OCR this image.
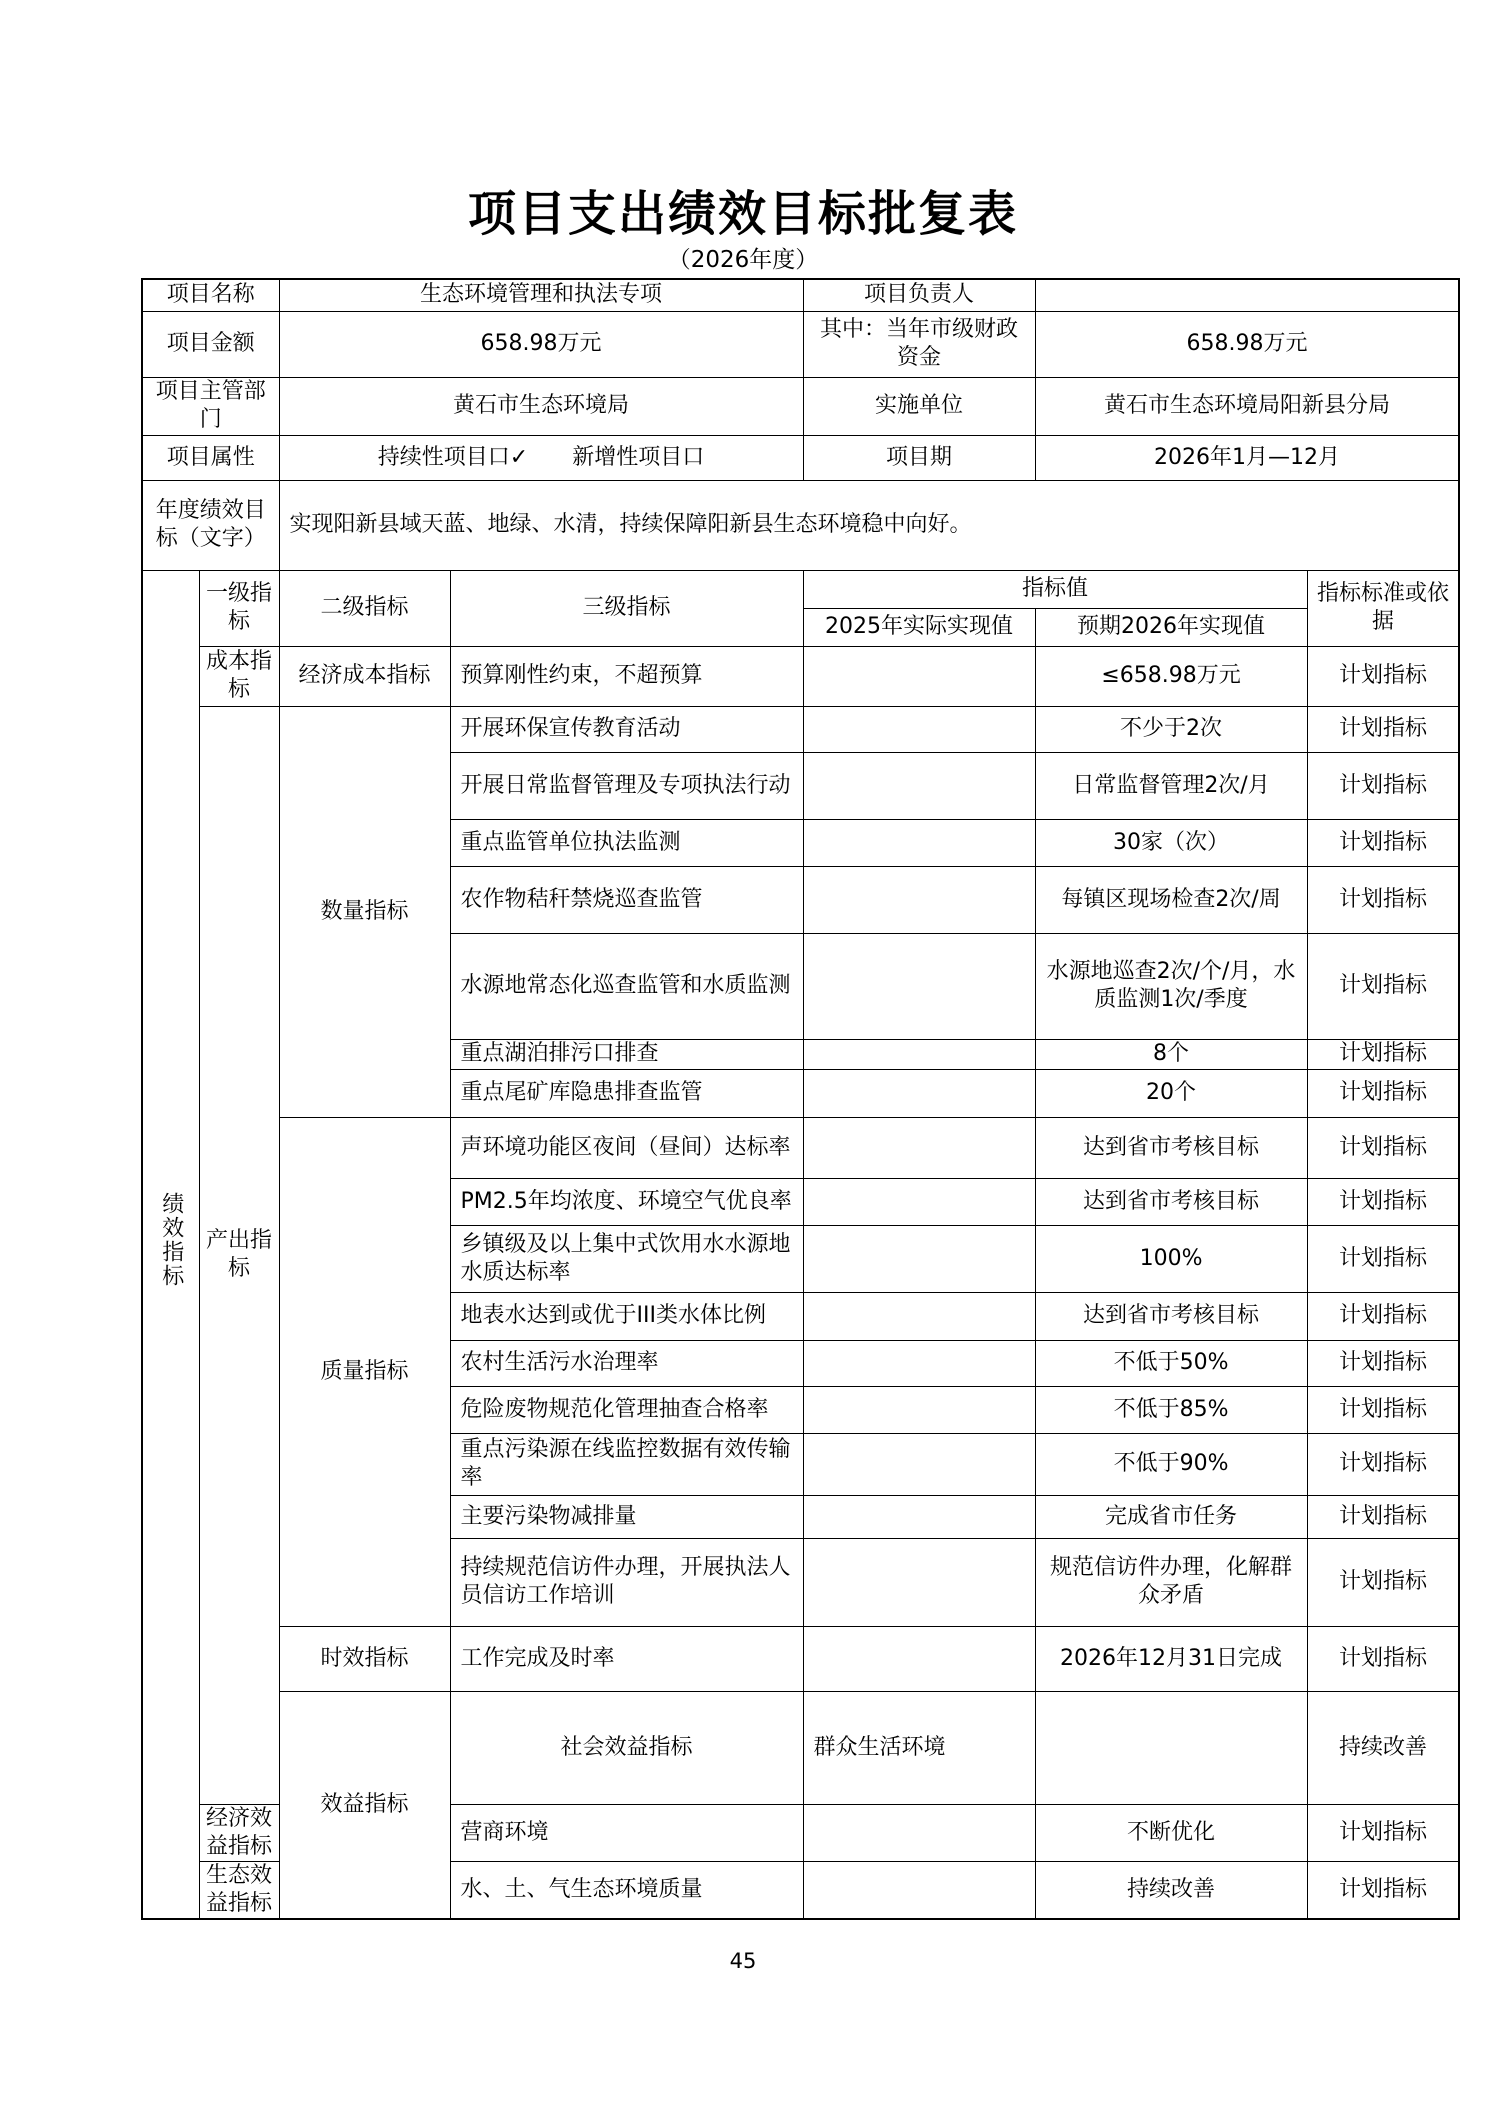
项目支出绩效目标批复表
（2026年度）
项目名称		生态环境管理和执法专项		项目负责人			
项目金额		658.98万元		其中：当年市级财政资金	658.98万元		
项目主管部门		黄石市生态环境局		实施单位	黄石市生态环境局阳新县分局		
项目属性		持续性项目口✓　　新增性项目口		项目期	2026年1月—12月		
年度绩效目标（文字）		实现阳新县域天蓝、地绿、水清，持续保障阳新县生态环境稳中向好。					
绩效指标	一级指标	二级指标	三级指标	指标值		指标标准或依据	
				2025年实际实现值	预期2026年实现值		
	成本指标	经济成本指标	预算刚性约束，不超预算		≤658.98万元	计划指标	
	产出指标	数量指标	开展环保宣传教育活动		不少于2次	计划指标	
			开展日常监督管理及专项执法行动		日常监督管理2次/月	计划指标	
			重点监管单位执法监测		30家（次）	计划指标	
			农作物秸秆禁烧巡查监管		每镇区现场检查2次/周	计划指标	
			水源地常态化巡查监管和水质监测		水源地巡查2次/个/月，水质监测1次/季度	计划指标	
			重点湖泊排污口排查		8个	计划指标	
			重点尾矿库隐患排查监管		20个	计划指标	
		质量指标	声环境功能区夜间（昼间）达标率		达到省市考核目标	计划指标	
			PM2.5年均浓度、环境空气优良率		达到省市考核目标	计划指标	
			乡镇级及以上集中式饮用水水源地水质达标率		100%	计划指标	
			地表水达到或优于III类水体比例		达到省市考核目标	计划指标	
			农村生活污水治理率		不低于50%	计划指标	
			危险废物规范化管理抽查合格率		不低于85%	计划指标	
			重点污染源在线监控数据有效传输率		不低于90%	计划指标	
			主要污染物减排量		完成省市任务	计划指标	
			持续规范信访件办理，开展执法人员信访工作培训		规范信访件办理，化解群众矛盾	计划指标	
		时效指标	工作完成及时率		2026年12月31日完成	计划指标	
		效益指标	社会效益指标	群众生活环境		持续改善	
	经济效益指标		营商环境		不断优化	计划指标	
	生态效益指标		水、土、气生态环境质量		持续改善	计划指标	
45
